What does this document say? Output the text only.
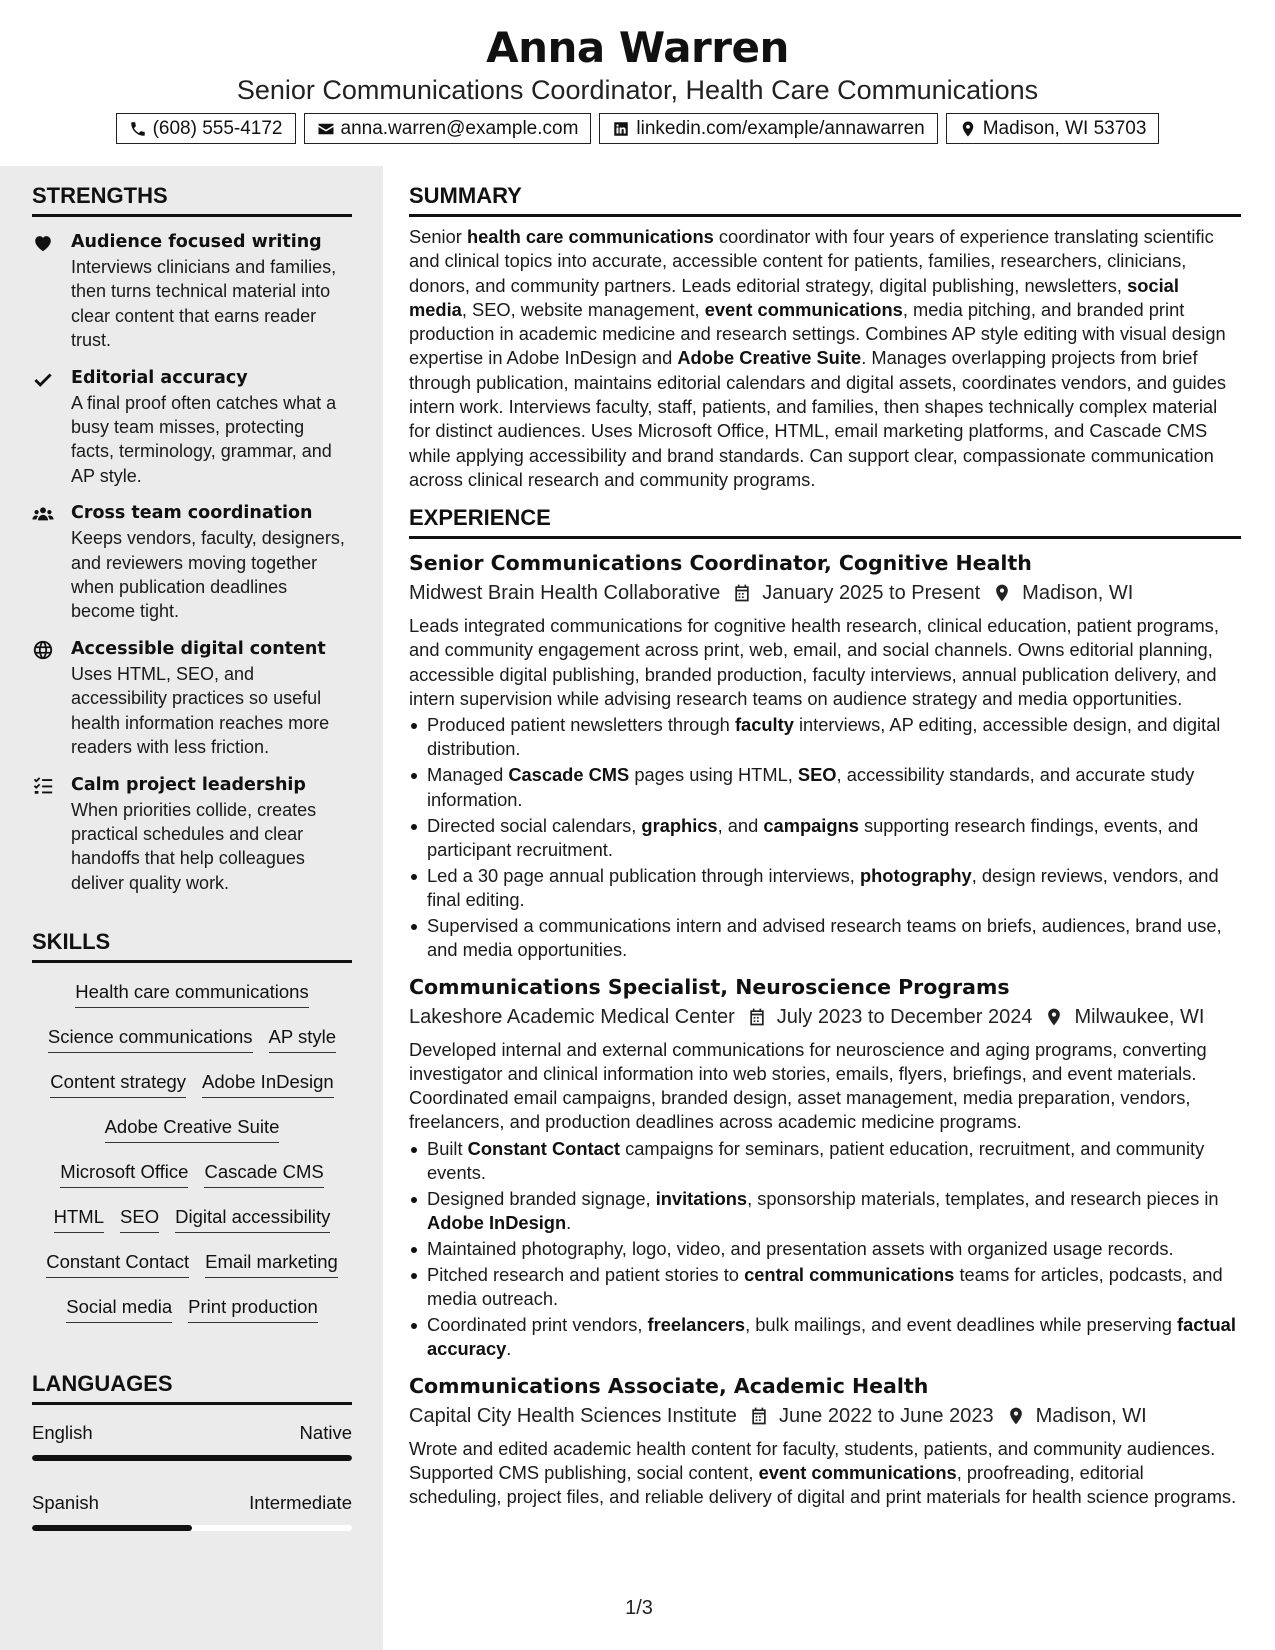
Anna Warren
Senior Communications Coordinator, Health Care Communications
(608) 555-4172	anna.warren@example.com	linkedin.com/example/annawarren	Madison, WI 53703
STRENGTHS
Audience focused writing
Interviews clinicians and families, then turns technical material into clear content that earns reader trust.
Editorial accuracy
A final proof often catches what a busy team misses, protecting facts, terminology, grammar, and AP style.
Cross team coordination
Keeps vendors, faculty, designers, and reviewers moving together when publication deadlines become tight.
Accessible digital content
Uses HTML, SEO, and accessibility practices so useful health information reaches more readers with less friction.
Calm project leadership
When priorities collide, creates practical schedules and clear handoffs that help colleagues deliver quality work.
SKILLS
Health care communications
Science communications AP style
Content strategy Adobe InDesign
Adobe Creative Suite
Microsoft Office Cascade CMS
HTML SEO Digital accessibility
Constant Contact Email marketing
Social media Print production
LANGUAGES
English	Native
Spanish	Intermediate
SUMMARY

Senior health care communications coordinator with four years of experience translating scientific and clinical topics into accurate, accessible content for patients, families, researchers, clinicians, donors, and community partners. Leads editorial strategy, digital publishing, newsletters, social media, SEO, website management, event communications, media pitching, and branded print production in academic medicine and research settings. Combines AP style editing with visual design expertise in Adobe InDesign and Adobe Creative Suite. Manages overlapping projects from brief through publication, maintains editorial calendars and digital assets, coordinates vendors, and guides intern work. Interviews faculty, staff, patients, and families, then shapes technically complex material for distinct audiences. Uses Microsoft Office, HTML, email marketing platforms, and Cascade CMS while applying accessibility and brand standards. Can support clear, compassionate communication across clinical research and community programs.

EXPERIENCE
Senior Communications Coordinator, Cognitive Health
Midwest Brain Health Collaborative January 2025 to Present Madison, WI
Leads integrated communications for cognitive health research, clinical education, patient programs, and community engagement across print, web, email, and social channels. Owns editorial planning, accessible digital publishing, branded production, faculty interviews, annual publication delivery, and intern supervision while advising research teams on audience strategy and media opportunities.
Produced patient newsletters through faculty interviews, AP editing, accessible design, and digital distribution.
Managed Cascade CMS pages using HTML, SEO, accessibility standards, and accurate study information.
Directed social calendars, graphics, and campaigns supporting research findings, events, and participant recruitment.
Led a 30 page annual publication through interviews, photography, design reviews, vendors, and final editing.
Supervised a communications intern and advised research teams on briefs, audiences, brand use, and media opportunities.
Communications Specialist, Neuroscience Programs
Lakeshore Academic Medical Center July 2023 to December 2024 Milwaukee, WI
Developed internal and external communications for neuroscience and aging programs, converting investigator and clinical information into web stories, emails, flyers, briefings, and event materials. Coordinated email campaigns, branded design, asset management, media preparation, vendors, freelancers, and production deadlines across academic medicine programs.
Built Constant Contact campaigns for seminars, patient education, recruitment, and community events.
Designed branded signage, invitations, sponsorship materials, templates, and research pieces in Adobe InDesign.
Maintained photography, logo, video, and presentation assets with organized usage records.
Pitched research and patient stories to central communications teams for articles, podcasts, and media outreach.
Coordinated print vendors, freelancers, bulk mailings, and event deadlines while preserving factual accuracy.
Communications Associate, Academic Health
Capital City Health Sciences Institute June 2022 to June 2023 Madison, WI
Wrote and edited academic health content for faculty, students, patients, and community audiences. Supported CMS publishing, social content, event communications, proofreading, editorial scheduling, project files, and reliable delivery of digital and print materials for health science programs.
1/3
